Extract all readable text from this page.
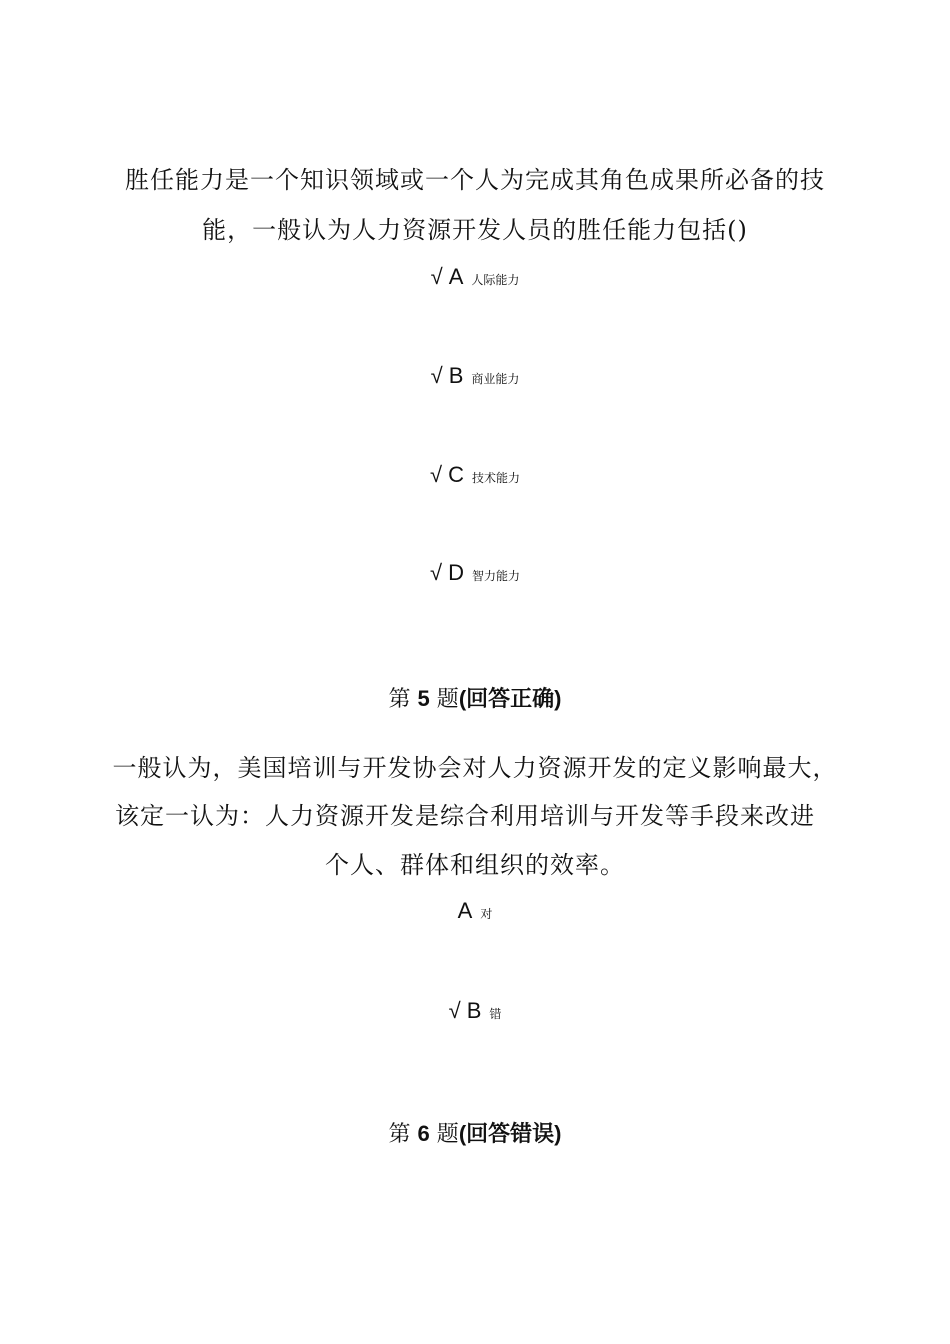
胜任能力是一个知识领域或一个人为完成其角色成果所必备的技
能，一般认为人力资源开发人员的胜任能力包括()
√ A 人际能力
√ B 商业能力
√ C 技术能力
√ D 智力能力
第 5 题(回答正确)
一般认为，美国培训与开发协会对人力资源开发的定义影响最大，
该定一认为：人力资源开发是综合利用培训与开发等手段来改进
个人、群体和组织的效率。
A对
√ B 错
第 6 题(回答错误)
